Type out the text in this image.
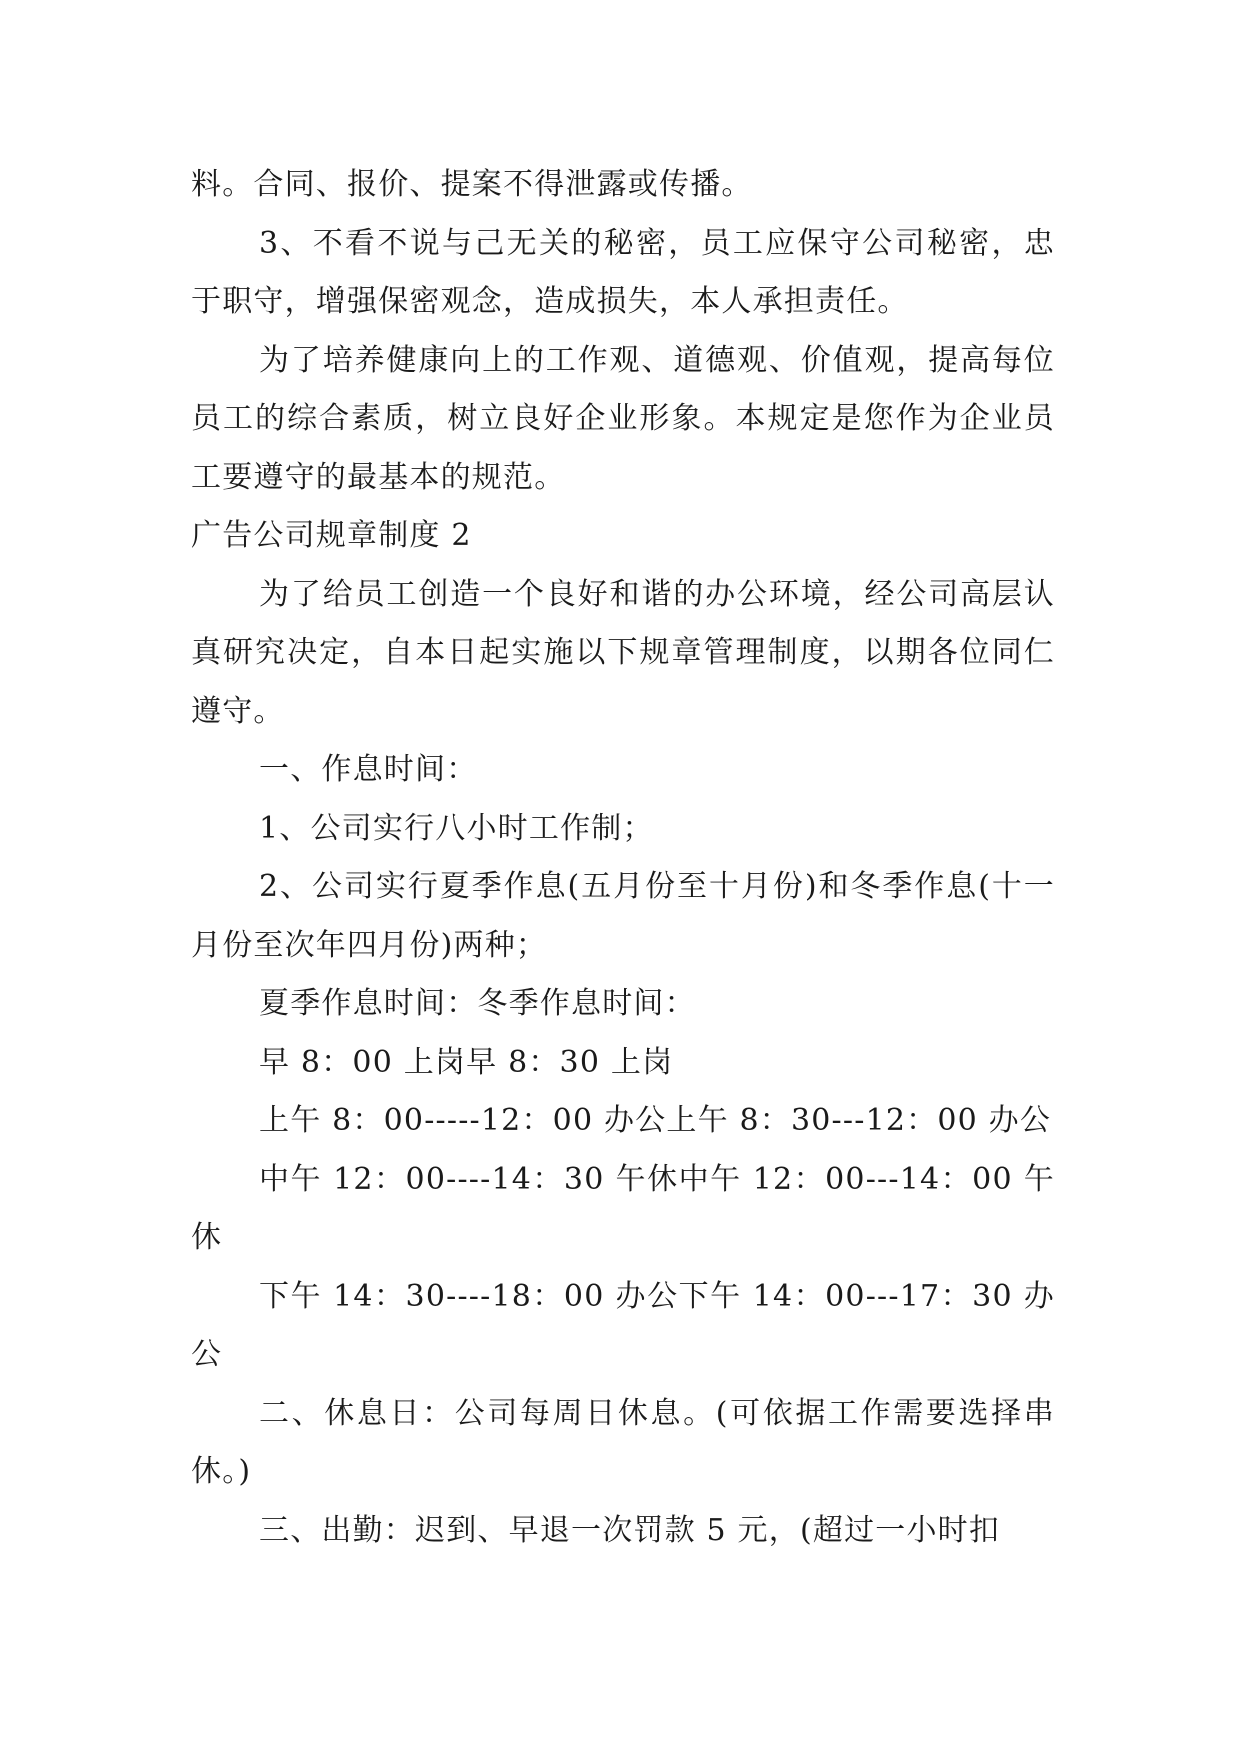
料。合同、报价、提案不得泄露或传播。

3、不看不说与己无关的秘密，员工应保守公司秘密，忠于职守，增强保密观念，造成损失，本人承担责任。

为了培养健康向上的工作观、道德观、价值观，提高每位员工的综合素质，树立良好企业形象。本规定是您作为企业员工要遵守的最基本的规范。

广告公司规章制度 2

为了给员工创造一个良好和谐的办公环境，经公司高层认真研究决定，自本日起实施以下规章管理制度，以期各位同仁遵守。

一、作息时间：

1、公司实行八小时工作制；

2、公司实行夏季作息(五月份至十月份)和冬季作息(十一月份至次年四月份)两种；

夏季作息时间：冬季作息时间：

早 8：00 上岗早 8：30 上岗

上午 8：00-----12：00 办公上午 8：30---12：00 办公

中午 12：00----14：30 午休中午 12：00---14：00 午休

下午 14：30----18：00 办公下午 14：00---17：30 办公

二、休息日：公司每周日休息。(可依据工作需要选择串休。)

三、出勤：迟到、早退一次罚款 5 元，(超过一小时扣
